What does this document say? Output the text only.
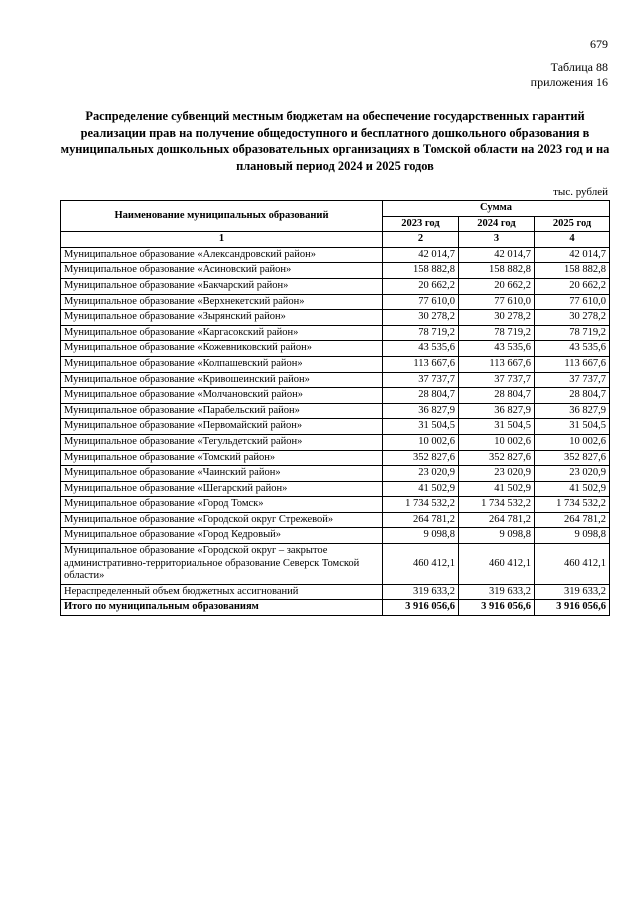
679
Таблица 88
приложения 16
Распределение субвенций местным бюджетам на обеспечение государственных гарантий реализации прав на получение общедоступного и бесплатного дошкольного образования в муниципальных дошкольных образовательных организациях в Томской области на 2023 год и на плановый период 2024 и 2025 годов
тыс. рублей
Наименование муниципальных образований	Сумма		
	2023 год	2024 год	2025 год
1	2	3	4
Муниципальное образование «Александровский район»	42 014,7	42 014,7	42 014,7
Муниципальное образование «Асиновский район»	158 882,8	158 882,8	158 882,8
Муниципальное образование «Бакчарский район»	20 662,2	20 662,2	20 662,2
Муниципальное образование «Верхнекетский район»	77 610,0	77 610,0	77 610,0
Муниципальное образование «Зырянский район»	30 278,2	30 278,2	30 278,2
Муниципальное образование «Каргасокский район»	78 719,2	78 719,2	78 719,2
Муниципальное образование «Кожевниковский район»	43 535,6	43 535,6	43 535,6
Муниципальное образование «Колпашевский район»	113 667,6	113 667,6	113 667,6
Муниципальное образование «Кривошеинский район»	37 737,7	37 737,7	37 737,7
Муниципальное образование «Молчановский район»	28 804,7	28 804,7	28 804,7
Муниципальное образование «Парабельский район»	36 827,9	36 827,9	36 827,9
Муниципальное образование «Первомайский район»	31 504,5	31 504,5	31 504,5
Муниципальное образование «Тегульдетский район»	10 002,6	10 002,6	10 002,6
Муниципальное образование «Томский район»	352 827,6	352 827,6	352 827,6
Муниципальное образование «Чаинский район»	23 020,9	23 020,9	23 020,9
Муниципальное образование «Шегарский район»	41 502,9	41 502,9	41 502,9
Муниципальное образование «Город Томск»	1 734 532,2	1 734 532,2	1 734 532,2
Муниципальное образование «Городской округ Стрежевой»	264 781,2	264 781,2	264 781,2
Муниципальное образование «Город Кедровый»	9 098,8	9 098,8	9 098,8
Муниципальное образование «Городской округ – закрытое административно-территориальное образование Северск Томской области»	460 412,1	460 412,1	460 412,1
Нераспределенный объем бюджетных ассигнований	319 633,2	319 633,2	319 633,2
Итого по муниципальным образованиям	3 916 056,6	3 916 056,6	3 916 056,6
